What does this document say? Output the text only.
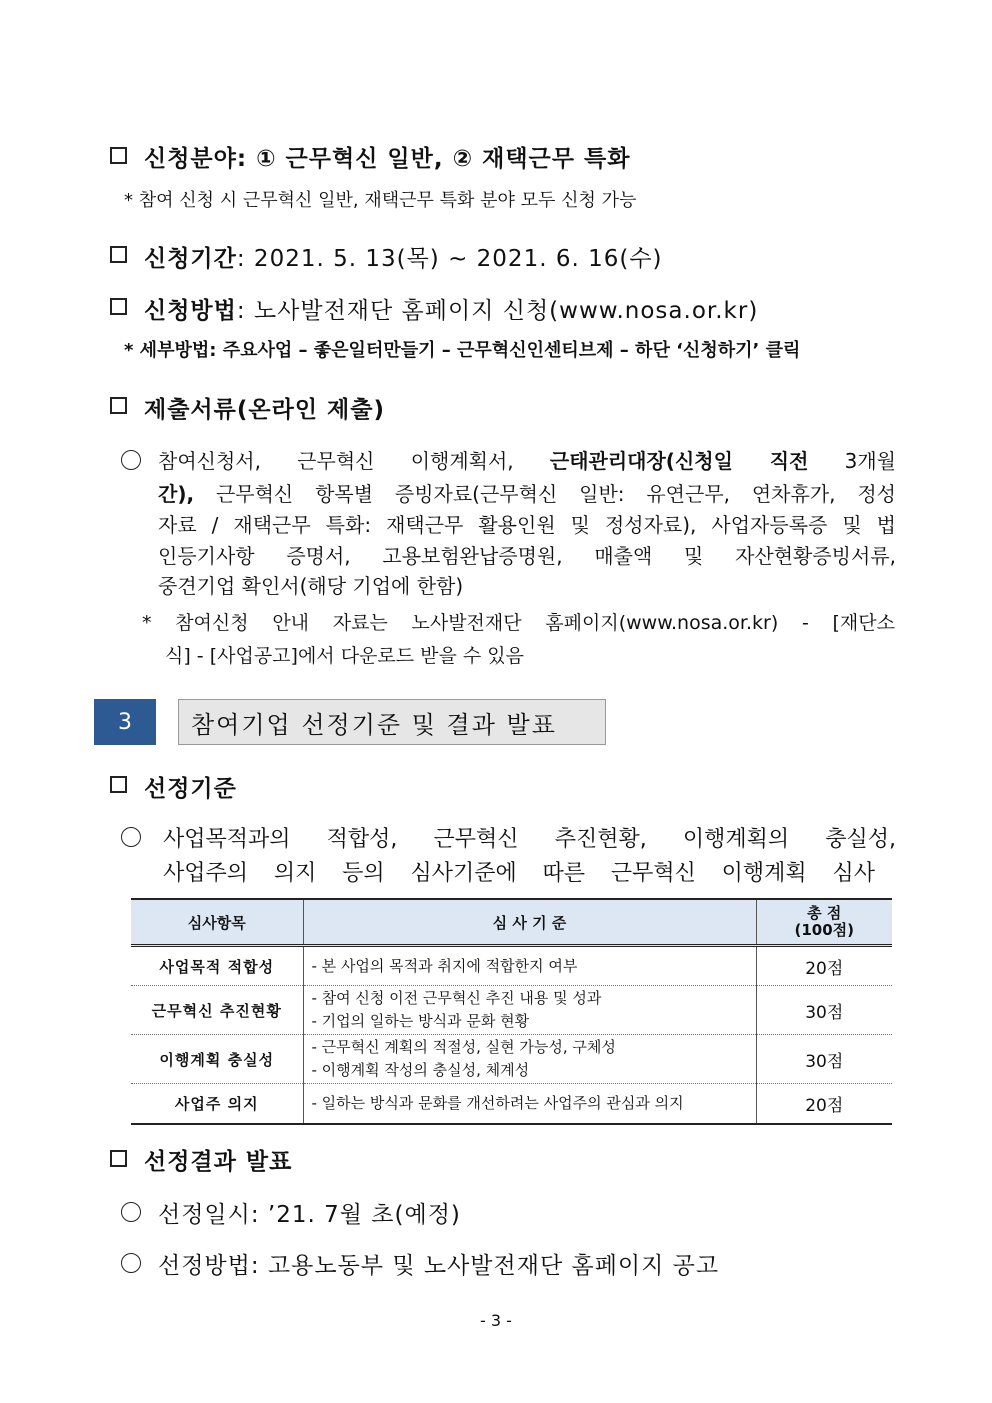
신청분야: ① 근무혁신 일반, ② 재택근무 특화
* 참여 신청 시 근무혁신 일반, 재택근무 특화 분야 모두 신청 가능
신청기간: 2021. 5. 13(목) ~ 2021. 6. 16(수)
신청방법: 노사발전재단 홈페이지 신청(www.nosa.or.kr)
* 세부방법: 주요사업 – 좋은일터만들기 – 근무혁신인센티브제 – 하단 ‘신청하기’ 클릭
제출서류(온라인 제출)
참여신청서, 근무혁신 이행계획서, 근태관리대장(신청일 직전 3개월
간), 근무혁신 항목별 증빙자료(근무혁신 일반: 유연근무, 연차휴가, 정성
자료 / 재택근무 특화: 재택근무 활용인원 및 정성자료), 사업자등록증 및 법
인등기사항 증명서, 고용보험완납증명원, 매출액 및 자산현황증빙서류,
중견기업 확인서(해당 기업에 한함)
* 참여신청 안내 자료는 노사발전재단 홈페이지(www.nosa.or.kr) - [재단소
식] - [사업공고]에서 다운로드 받을 수 있음
3	참여기업 선정기준 및 결과 발표
선정기준
사업목적과의 적합성, 근무혁신 추진현황, 이행계획의 충실성,
사업주의 의지 등의 심사기준에 따른 근무혁신 이행계획 심사
심사항목	심 사 기 준	총 점
(100점)

사업목적 적합성	- 본 사업의 목적과 취지에 적합한지 여부	20점
근무혁신 추진현황	- 참여 신청 이전 근무혁신 추진 내용 및 성과
- 기업의 일하는 방식과 문화 현황	30점
이행계획 충실성	- 근무혁신 계획의 적절성, 실현 가능성, 구체성
- 이행계획 작성의 충실성, 체계성	30점
사업주 의지	- 일하는 방식과 문화를 개선하려는 사업주의 관심과 의지	20점
선정결과 발표
선정일시: ’21. 7월 초(예정)
선정방법: 고용노동부 및 노사발전재단 홈페이지 공고
- 3 -
